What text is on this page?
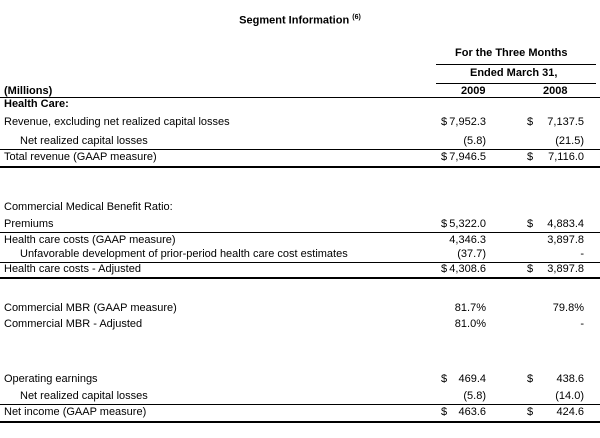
Segment Information $^{(6)}$
For the Three Months
Ended March 31,
(Millions)	2009	2008
Health Care:
Revenue, excluding net realized capital losses	$ 7,952.3	$ 7,137.5
Net realized capital losses	(5.8)	(21.5)
Total revenue (GAAP measure)	$ 7,946.5	$ 7,116.0
Commercial Medical Benefit Ratio:
Premiums	$ 5,322.0	$ 4,883.4
Health care costs (GAAP measure)	4,346.3	3,897.8
Unfavorable development of prior-period health care cost estimates	(37.7)	-
Health care costs - Adjusted	$ 4,308.6	$ 3,897.8
Commercial MBR (GAAP measure)	81.7%	79.8%
Commercial MBR - Adjusted	81.0%	-
Operating earnings	$ 469.4	$ 438.6
Net realized capital losses	(5.8)	(14.0)
Net income (GAAP measure)	$ 463.6	$ 424.6
